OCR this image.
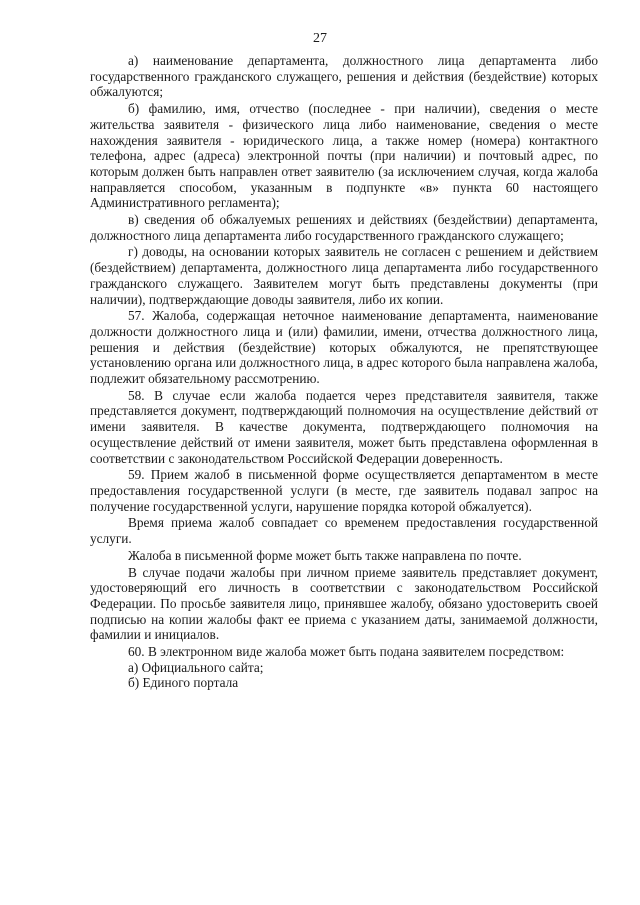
27

а) наименование департамента, должностного лица департамента либо государственного гражданского служащего, решения и действия (бездействие) которых обжалуются;

б) фамилию, имя, отчество (последнее - при наличии), сведения о месте жительства заявителя - физического лица либо наименование, сведения о месте нахождения заявителя - юридического лица, а также номер (номера) контактного телефона, адрес (адреса) электронной почты (при наличии) и почтовый адрес, по которым должен быть направлен ответ заявителю (за исключением случая, когда жалоба направляется способом, указанным в подпункте «в» пункта 60 настоящего Административного регламента);

в) сведения об обжалуемых решениях и действиях (бездействии) департамента, должностного лица департамента либо государственного гражданского служащего;

г) доводы, на основании которых заявитель не согласен с решением и действием (бездействием) департамента, должностного лица департамента либо государственного гражданского служащего. Заявителем могут быть представлены документы (при наличии), подтверждающие доводы заявителя, либо их копии.

57. Жалоба, содержащая неточное наименование департамента, наименование должности должностного лица и (или) фамилии, имени, отчества должностного лица, решения и действия (бездействие) которых обжалуются, не препятствующее установлению органа или должностного лица, в адрес которого была направлена жалоба, подлежит обязательному рассмотрению.

58. В случае если жалоба подается через представителя заявителя, также представляется документ, подтверждающий полномочия на осуществление действий от имени заявителя. В качестве документа, подтверждающего полномочия на осуществление действий от имени заявителя, может быть представлена оформленная в соответствии с законодательством Российской Федерации доверенность.

59. Прием жалоб в письменной форме осуществляется департаментом в месте предоставления государственной услуги (в месте, где заявитель подавал запрос на получение государственной услуги, нарушение порядка которой обжалуется).

Время приема жалоб совпадает со временем предоставления государственной услуги.

Жалоба в письменной форме может быть также направлена по почте.

В случае подачи жалобы при личном приеме заявитель представляет документ, удостоверяющий его личность в соответствии с законодательством Российской Федерации. По просьбе заявителя лицо, принявшее жалобу, обязано удостоверить своей подписью на копии жалобы факт ее приема с указанием даты, занимаемой должности, фамилии и инициалов.

60. В электронном виде жалоба может быть подана заявителем посредством:

а) Официального сайта;

б) Единого портала
